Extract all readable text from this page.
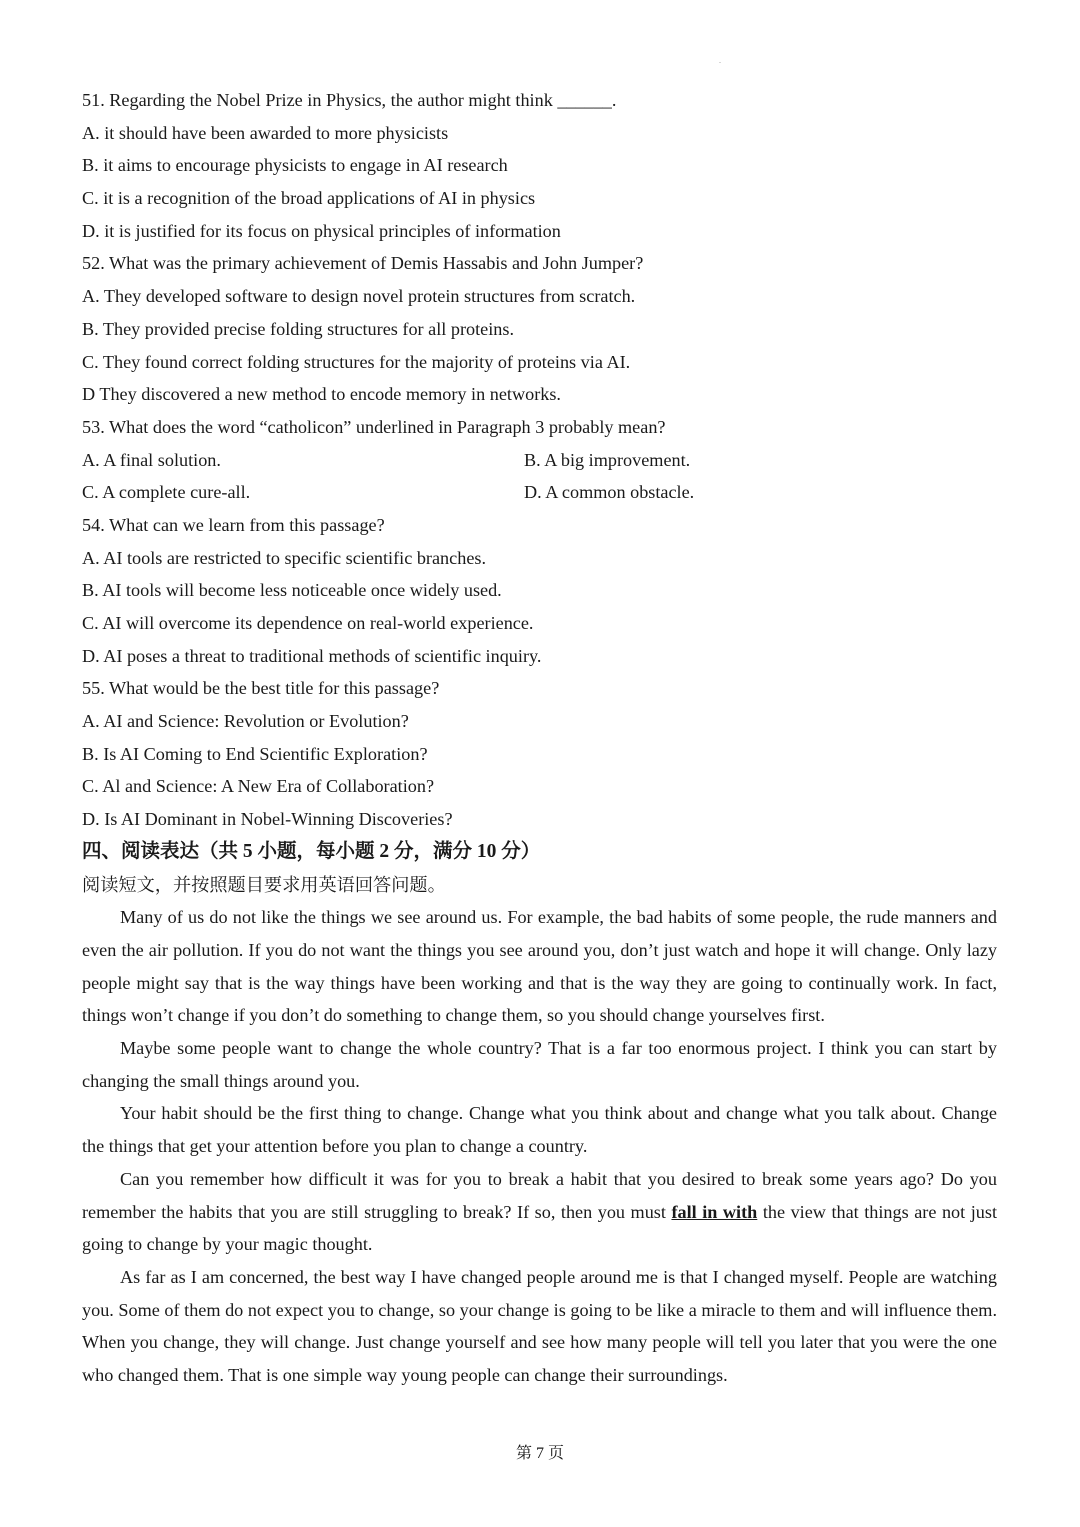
.
51. Regarding the Nobel Prize in Physics, the author might think ______.
A. it should have been awarded to more physicists
B. it aims to encourage physicists to engage in AI research
C. it is a recognition of the broad applications of AI in physics
D. it is justified for its focus on physical principles of information
52. What was the primary achievement of Demis Hassabis and John Jumper?
A. They developed software to design novel protein structures from scratch.
B. They provided precise folding structures for all proteins.
C. They found correct folding structures for the majority of proteins via AI.
D They discovered a new method to encode memory in networks.
53. What does the word “catholicon” underlined in Paragraph 3 probably mean?
A. A final solution.	B. A big improvement.
C. A complete cure-all.	D. A common obstacle.
54. What can we learn from this passage?
A. AI tools are restricted to specific scientific branches.
B. AI tools will become less noticeable once widely used.
C. AI will overcome its dependence on real-world experience.
D. AI poses a threat to traditional methods of scientific inquiry.
55. What would be the best title for this passage?
A. AI and Science: Revolution or Evolution?
B. Is AI Coming to End Scientific Exploration?
C. Al and Science: A New Era of Collaboration?
D. Is AI Dominant in Nobel-Winning Discoveries?
四、阅读表达（共 5 小题，每小题 2 分，满分 10 分）
阅读短文，并按照题目要求用英语回答问题。

Many of us do not like the things we see around us. For example, the bad habits of some people, the rude manners and even the air pollution. If you do not want the things you see around you, don’t just watch and hope it will change. Only lazy people might say that is the way things have been working and that is the way they are going to continually work. In fact, things won’t change if you don’t do something to change them, so you should change yourselves first.

Maybe some people want to change the whole country? That is a far too enormous project. I think you can start by changing the small things around you.

Your habit should be the first thing to change. Change what you think about and change what you talk about. Change the things that get your attention before you plan to change a country.

Can you remember how difficult it was for you to break a habit that you desired to break some years ago? Do you remember the habits that you are still struggling to break? If so, then you must fall in with the view that things are not just going to change by your magic thought.

As far as I am concerned, the best way I have changed people around me is that I changed myself. People are watching you. Some of them do not expect you to change, so your change is going to be like a miracle to them and will influence them. When you change, they will change. Just change yourself and see how many people will tell you later that you were the one who changed them. That is one simple way young people can change their surroundings.

第 7 页
